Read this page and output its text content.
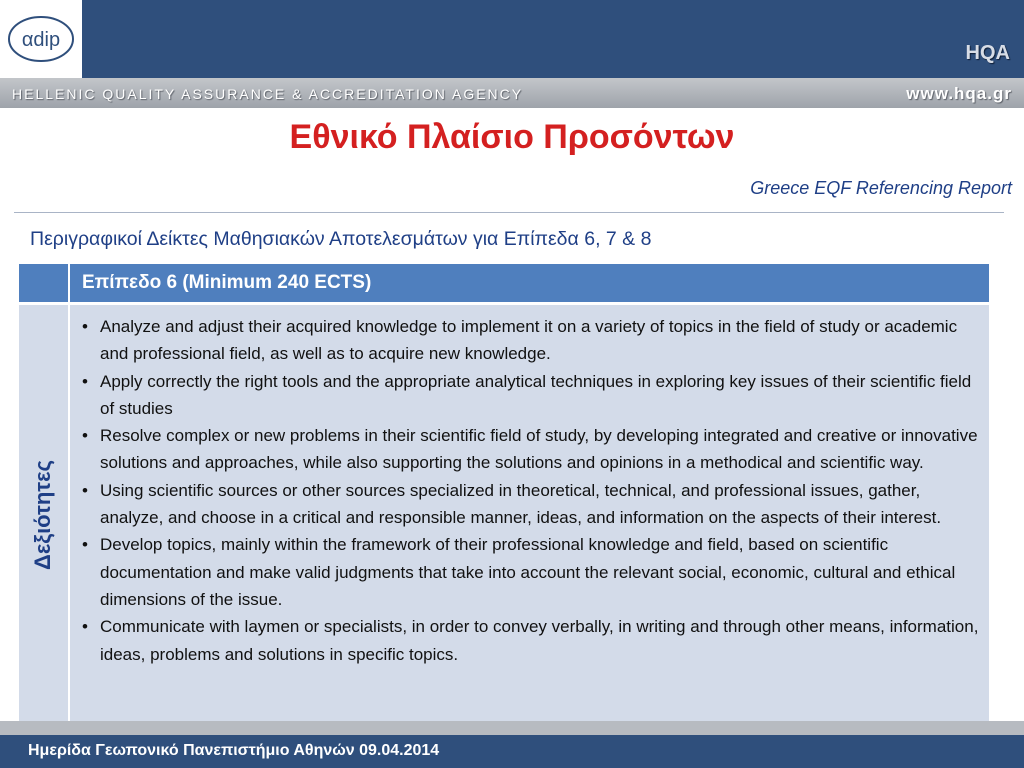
αdip
HQA
HELLENIC QUALITY ASSURANCE & ACCREDITATION AGENCY	www.hqa.gr
Εθνικό Πλαίσιο Προσόντων
Greece EQF Referencing Report
Περιγραφικοί Δείκτες Μαθησιακών Αποτελεσμάτων για Επίπεδα 6, 7 & 8
Επίπεδο 6 (Minimum 240 ECTS)
Δεξιότητες
• Analyze and adjust their acquired knowledge to implement it on a variety of topics in the field of study or academic and professional field, as well as to acquire new knowledge.
• Apply correctly the right tools and the appropriate analytical techniques in exploring key issues of their scientific field of studies
• Resolve complex or new problems in their scientific field of study, by developing integrated and creative or innovative solutions and approaches, while also supporting the solutions and opinions in a methodical and scientific way.
• Using scientific sources or other sources specialized in theoretical, technical, and professional issues, gather, analyze, and choose in a critical and responsible manner, ideas, and information on the aspects of their interest.
• Develop topics, mainly within the framework of their professional knowledge and field, based on scientific documentation and make valid judgments that take into account the relevant social, economic, cultural and ethical dimensions of the issue.
• Communicate with laymen or specialists, in order to convey verbally, in writing and through other means, information, ideas, problems and solutions in specific topics.
Ημερίδα Γεωπονικό Πανεπιστήμιο Αθηνών 09.04.2014
